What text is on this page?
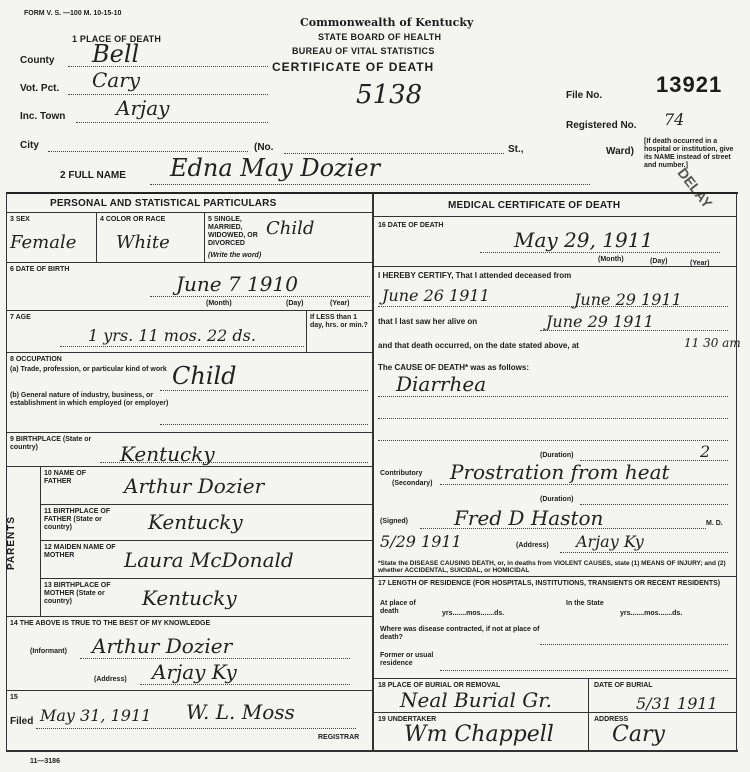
FORM V. S. —100 M. 10-15-10
Commonwealth of Kentucky
STATE BOARD OF HEALTH
BUREAU OF VITAL STATISTICS
CERTIFICATE OF DEATH
5138	File No. 13921
Registered No. 74
[If death occurred in a hospital or institution, give its NAME instead of street and number.]
DELAY
1 PLACE OF DEATH
County Bell
Vot. Pct. Cary
Inc. Town	Arjay
City	(No.	St.,	Ward)
2 FULL NAME Edna May Dozier
PERSONAL AND STATISTICAL PARTICULARS
3 SEX
Female
4 COLOR OR RACE
White
5 SINGLE, MARRIED, WIDOWED, OR DIVORCED
(Write the word)
Child
6 DATE OF BIRTH
June 7 1910
(Month)	(Day)	(Year)
7 AGE
1 yrs. 11 mos. 22 ds.
If LESS than 1 day, hrs. or min.?
8 OCCUPATION
(a) Trade, profession, or particular kind of work
(b) General nature of industry, business, or establishment in which employed (or employer)
Child
9 BIRTHPLACE (State or country)	Kentucky
PARENTS
10 NAME OF FATHER	Arthur Dozier
11 BIRTHPLACE OF FATHER (State or country)	Kentucky
12 MAIDEN NAME OF MOTHER	Laura McDonald
13 BIRTHPLACE OF MOTHER (State or country)	Kentucky
14 THE ABOVE IS TRUE TO THE BEST OF MY KNOWLEDGE
(Informant) Arthur Dozier
(Address) Arjay Ky
15
Filed May 31, 1911 W. L. Moss
REGISTRAR
11—3186
MEDICAL CERTIFICATE OF DEATH
16 DATE OF DEATH
May 29, 1911
(Month)	(Day)	(Year)
I HEREBY CERTIFY, That I attended deceased from
June 26 1911	June 29 1911
that I last saw her alive on	June 29 1911
and that death occurred, on the date stated above, at	11 30 am
The CAUSE OF DEATH* was as follows:
Diarrhea
(Duration)	2
Contributory
(Secondary) Prostration from heat
(Duration)
(Signed) Fred D Haston	M. D.
5/29 1911	(Address) Arjay Ky
*State the DISEASE CAUSING DEATH, or, in deaths from VIOLENT CAUSES, state (1) MEANS OF INJURY; and (2) whether ACCIDENTAL, SUICIDAL, or HOMICIDAL
17 LENGTH OF RESIDENCE (FOR HOSPITALS, INSTITUTIONS, TRANSIENTS OR RECENT RESIDENTS)
At place of death	yrs.......mos.......ds.
In the State
yrs.......mos.......ds.
Where was disease contracted, if not at place of death?
Former or usual residence
18 PLACE OF BURIAL OR REMOVAL
Neal Burial Gr.
DATE OF BURIAL
5/31 1911
19 UNDERTAKER
Wm Chappell
ADDRESS
Cary
